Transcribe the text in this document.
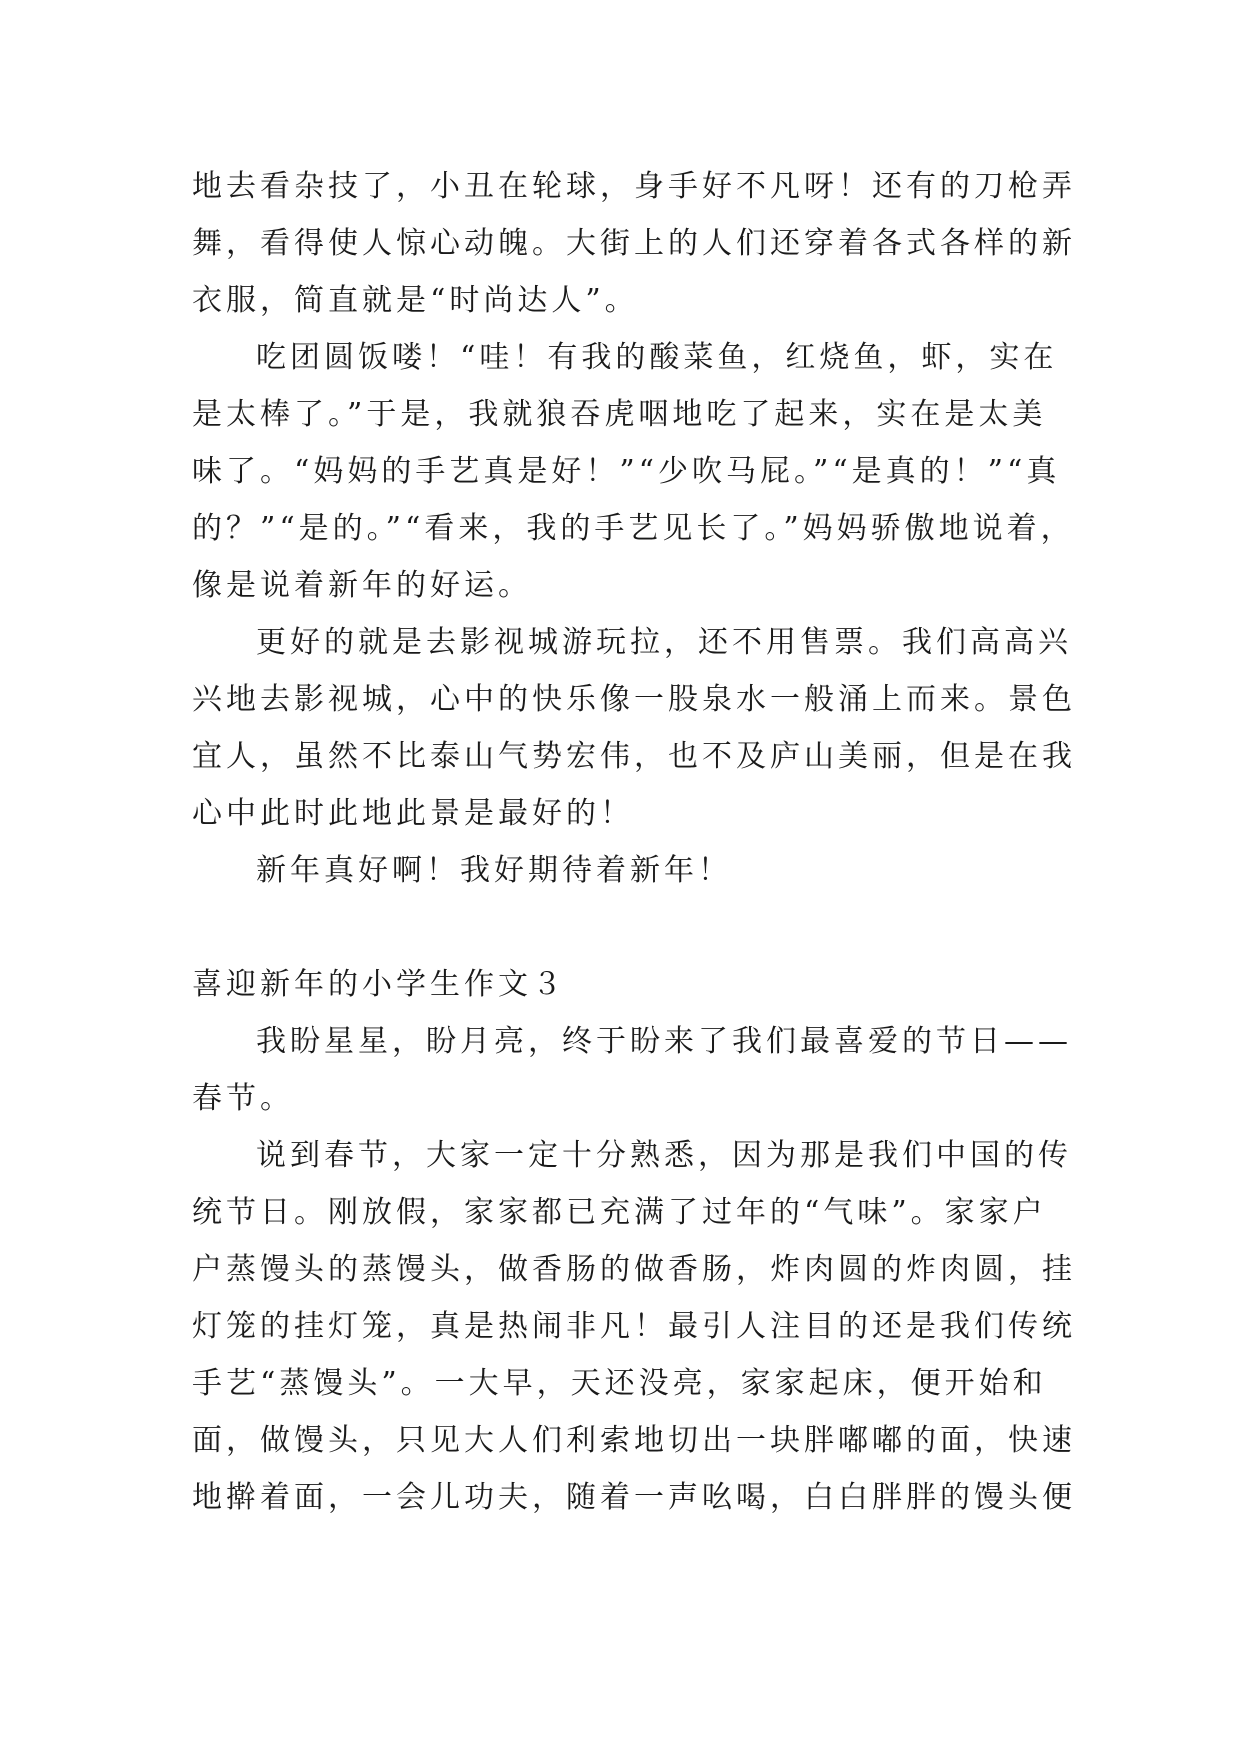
地去看杂技了，小丑在轮球，身手好不凡呀！还有的刀枪弄
舞，看得使人惊心动魄。大街上的人们还穿着各式各样的新
衣服，简直就是“时尚达人”。
吃团圆饭喽！“哇！有我的酸菜鱼，红烧鱼，虾，实在
是太棒了。”于是，我就狼吞虎咽地吃了起来，实在是太美
味了。“妈妈的手艺真是好！”“少吹马屁。”“是真的！”“真
的？”“是的。”“看来，我的手艺见长了。”妈妈骄傲地说着，
像是说着新年的好运。
更好的就是去影视城游玩拉，还不用售票。我们高高兴
兴地去影视城，心中的快乐像一股泉水一般涌上而来。景色
宜人，虽然不比泰山气势宏伟，也不及庐山美丽，但是在我
心中此时此地此景是最好的！
新年真好啊！我好期待着新年！
喜迎新年的小学生作文３
我盼星星，盼月亮，终于盼来了我们最喜爱的节日——
春节。
说到春节，大家一定十分熟悉，因为那是我们中国的传
统节日。刚放假，家家都已充满了过年的“气味”。家家户
户蒸馒头的蒸馒头，做香肠的做香肠，炸肉圆的炸肉圆，挂
灯笼的挂灯笼，真是热闹非凡！最引人注目的还是我们传统
手艺“蒸馒头”。一大早，天还没亮，家家起床，便开始和
面，做馒头，只见大人们利索地切出一块胖嘟嘟的面，快速
地擀着面，一会儿功夫，随着一声吆喝，白白胖胖的馒头便
